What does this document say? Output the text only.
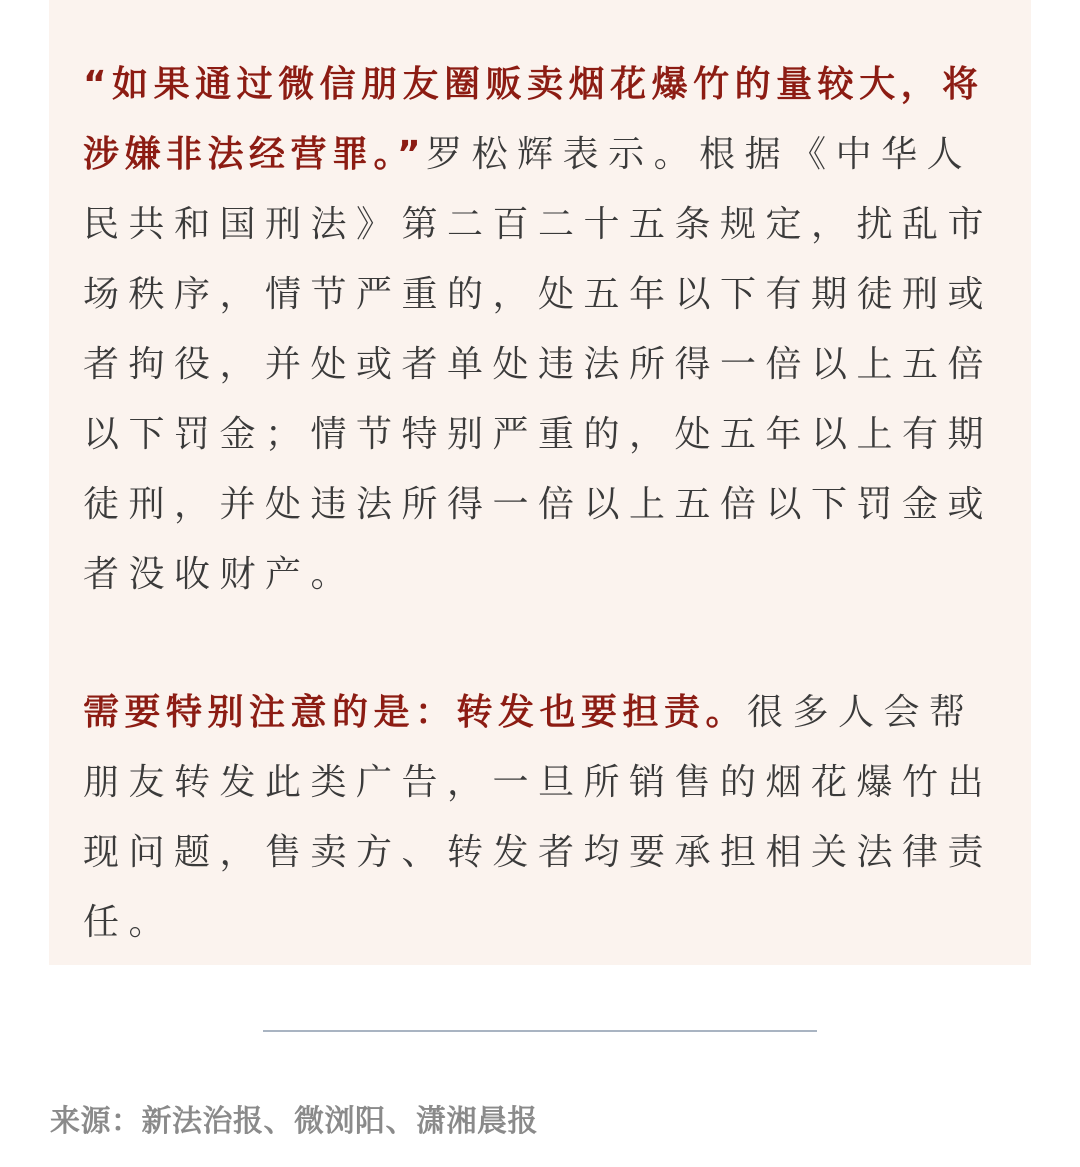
“如果通过微信朋友圈贩卖烟花爆竹的量较大，将涉嫌非法经营罪。”罗松辉表示。根据《中华人民共和国刑法》第二百二十五条规定，扰乱市场秩序，情节严重的，处五年以下有期徒刑或者拘役，并处或者单处违法所得一倍以上五倍以下罚金；情节特别严重的，处五年以上有期徒刑，并处违法所得一倍以上五倍以下罚金或者没收财产。

需要特别注意的是：转发也要担责。很多人会帮朋友转发此类广告，一旦所销售的烟花爆竹出现问题，售卖方、转发者均要承担相关法律责任。

来源：新法治报、微浏阳、潇湘晨报
